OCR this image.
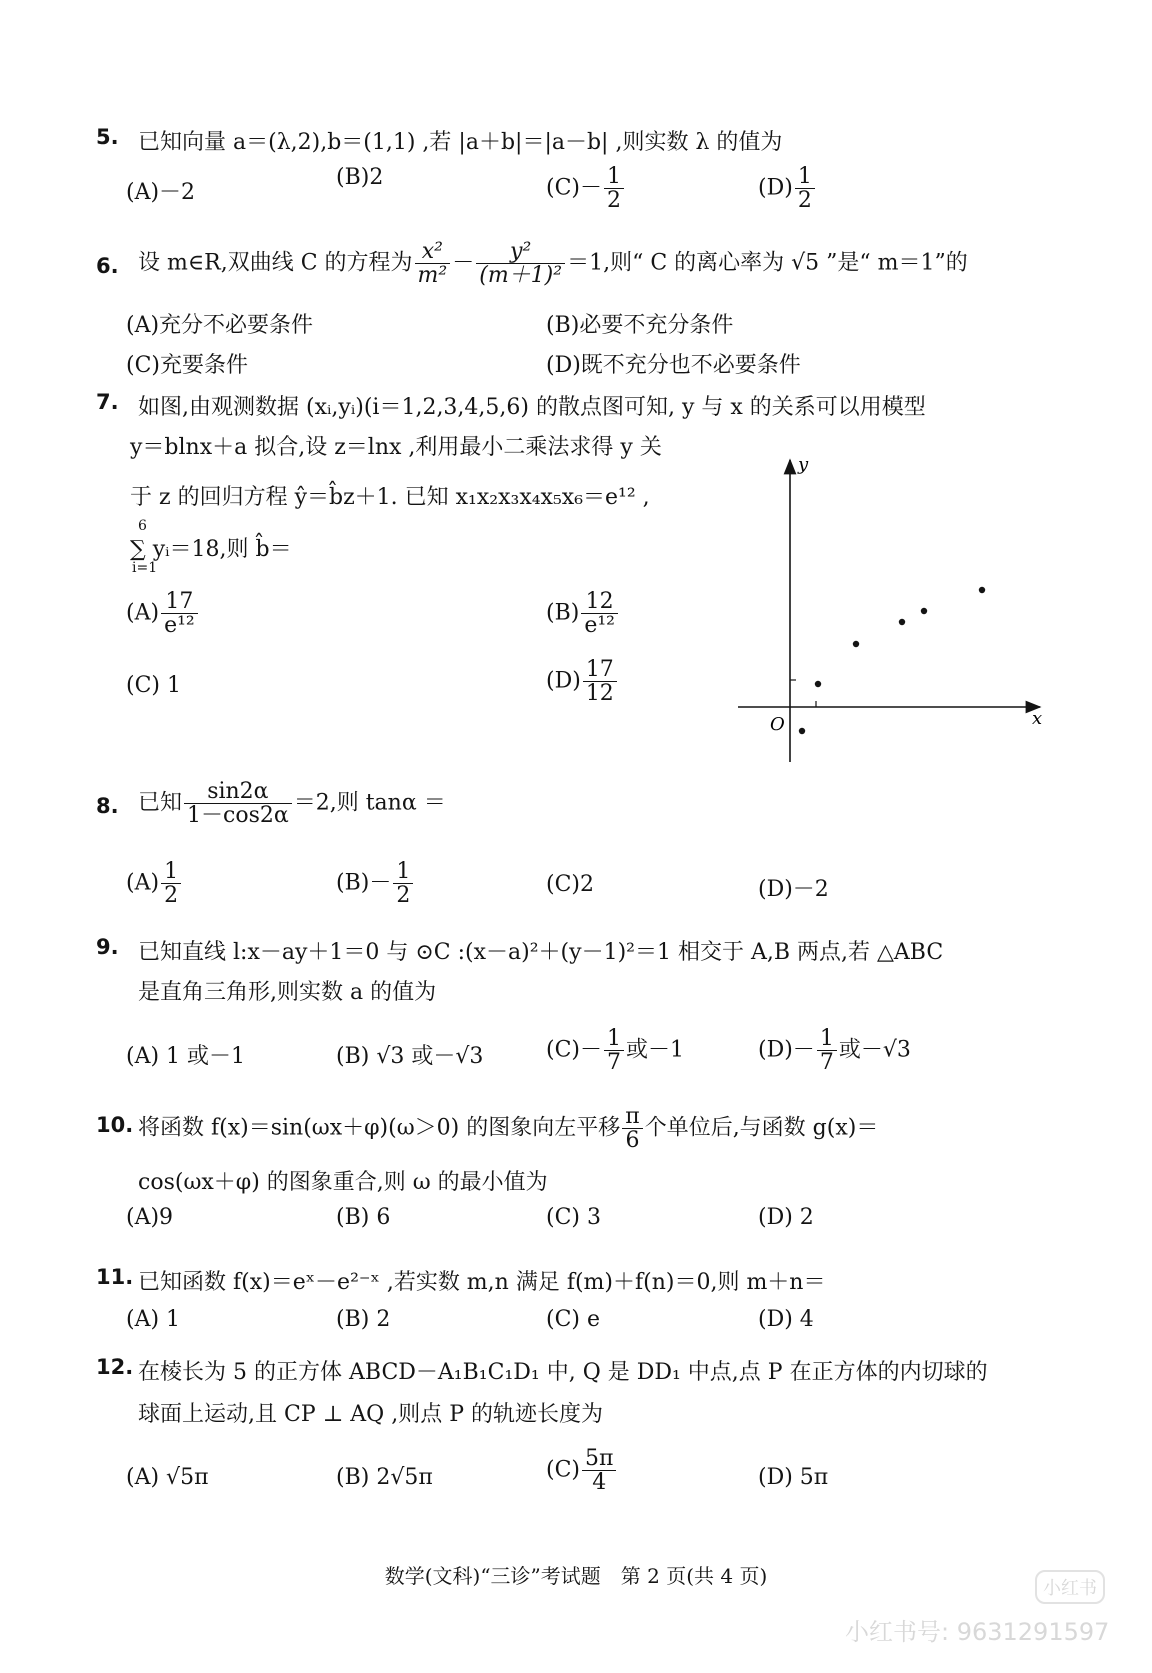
5. 已知向量 a＝(λ,2),b＝(1,1) ,若 |a＋b|＝|a－b| ,则实数 λ 的值为
(A)－2
(B)2	$(C)- \frac{1}{2}$	$(D) \frac{1}{2}$
6. 设 m∈R,双曲线 C 的方程为 $\frac{\text{x²}}{\text{m²}} - \frac{\text{y²}}{\text{(m＋1)²}} =1$,则“ C 的离心率为 √5 ”是“ m＝1”的
(A)充分不必要条件	(B)必要不充分条件
(C)充要条件	(D)既不充分也不必要条件
7. 如图,由观测数据 (xᵢ,yᵢ)(i＝1,2,3,4,5,6) 的散点图可知, y 与 x 的关系可以用模型
y＝blnx＋a 拟合,设 z＝lnx ,利用最小二乘法求得 y 关
于 z 的回归方程 ŷ＝b̂z＋1. 已知 x₁x₂x₃x₄x₅x₆＝e¹² ,
6
i=1
∑ yᵢ＝18,则 b̂＝
$(A) \frac{17}{\text{e¹²}}$	$(B) \frac{12}{\text{e¹²}}$
(C) 1	$(D) \frac{17}{12}$
y
x
O
8. 已知 $\frac{\sin 2\alpha}{1-\cos 2\alpha} =2$,则 tanα ＝
$(A) \frac{1}{2}$	$(B)- \frac{1}{2}$	(C)2	(D)－2
9. 已知直线 l:x－ay＋1＝0 与 ⊙C :(x－a)²＋(y－1)²＝1 相交于 A,B 两点,若 △ABC
是直角三角形,则实数 a 的值为
(A) 1 或－1	(B) √3 或－√3	$(C)- \frac{1}{7}$ 或－1	$(D)- \frac{1}{7}$ 或－√3
10. 将函数 f(x)＝sin(ωx＋φ)(ω＞0) 的图象向左平移 $\frac{\pi}{6}$ 个单位后,与函数 g(x)＝
cos(ωx＋φ) 的图象重合,则 ω 的最小值为
(A)9	(B) 6	(C) 3	(D) 2
11. 已知函数 f(x)＝eˣ－e²⁻ˣ ,若实数 m,n 满足 f(m)＋f(n)＝0,则 m＋n＝
(A) 1	(B) 2	(C) e	(D) 4
12. 在棱长为 5 的正方体 ABCD－A₁B₁C₁D₁ 中, Q 是 DD₁ 中点,点 P 在正方体的内切球的
球面上运动,且 CP ⊥ AQ ,则点 P 的轨迹长度为
(A) √5π	(B) 2√5π	$(C) \frac{5\pi}{4}$	(D) 5π
数学(文科)“三诊”考试题　第 2 页(共 4 页)
小红书
小红书号: 9631291597
